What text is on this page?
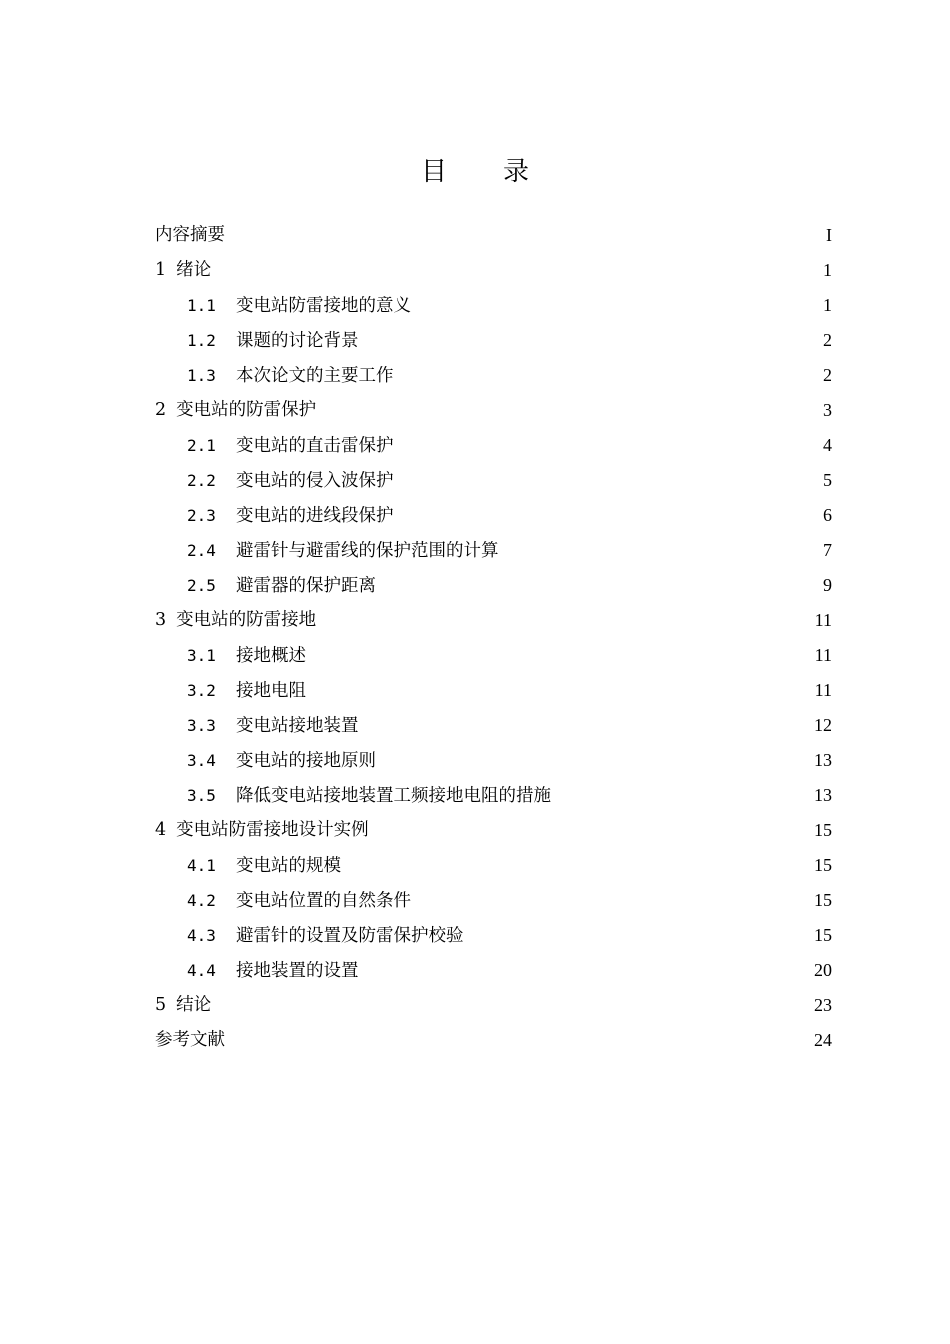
目 录
内容摘要	I
1 绪论	1
1.1 变电站防雷接地的意义	1
1.2 课题的讨论背景	2
1.3 本次论文的主要工作	2
2 变电站的防雷保护	3
2.1 变电站的直击雷保护	4
2.2 变电站的侵入波保护	5
2.3 变电站的进线段保护	6
2.4 避雷针与避雷线的保护范围的计算	7
2.5 避雷器的保护距离	9
3 变电站的防雷接地	11
3.1 接地概述	11
3.2 接地电阻	11
3.3 变电站接地装置	12
3.4 变电站的接地原则	13
3.5 降低变电站接地装置工频接地电阻的措施	13
4 变电站防雷接地设计实例	15
4.1 变电站的规模	15
4.2 变电站位置的自然条件	15
4.3 避雷针的设置及防雷保护校验	15
4.4 接地装置的设置	20
5 结论	23
参考文献	24
